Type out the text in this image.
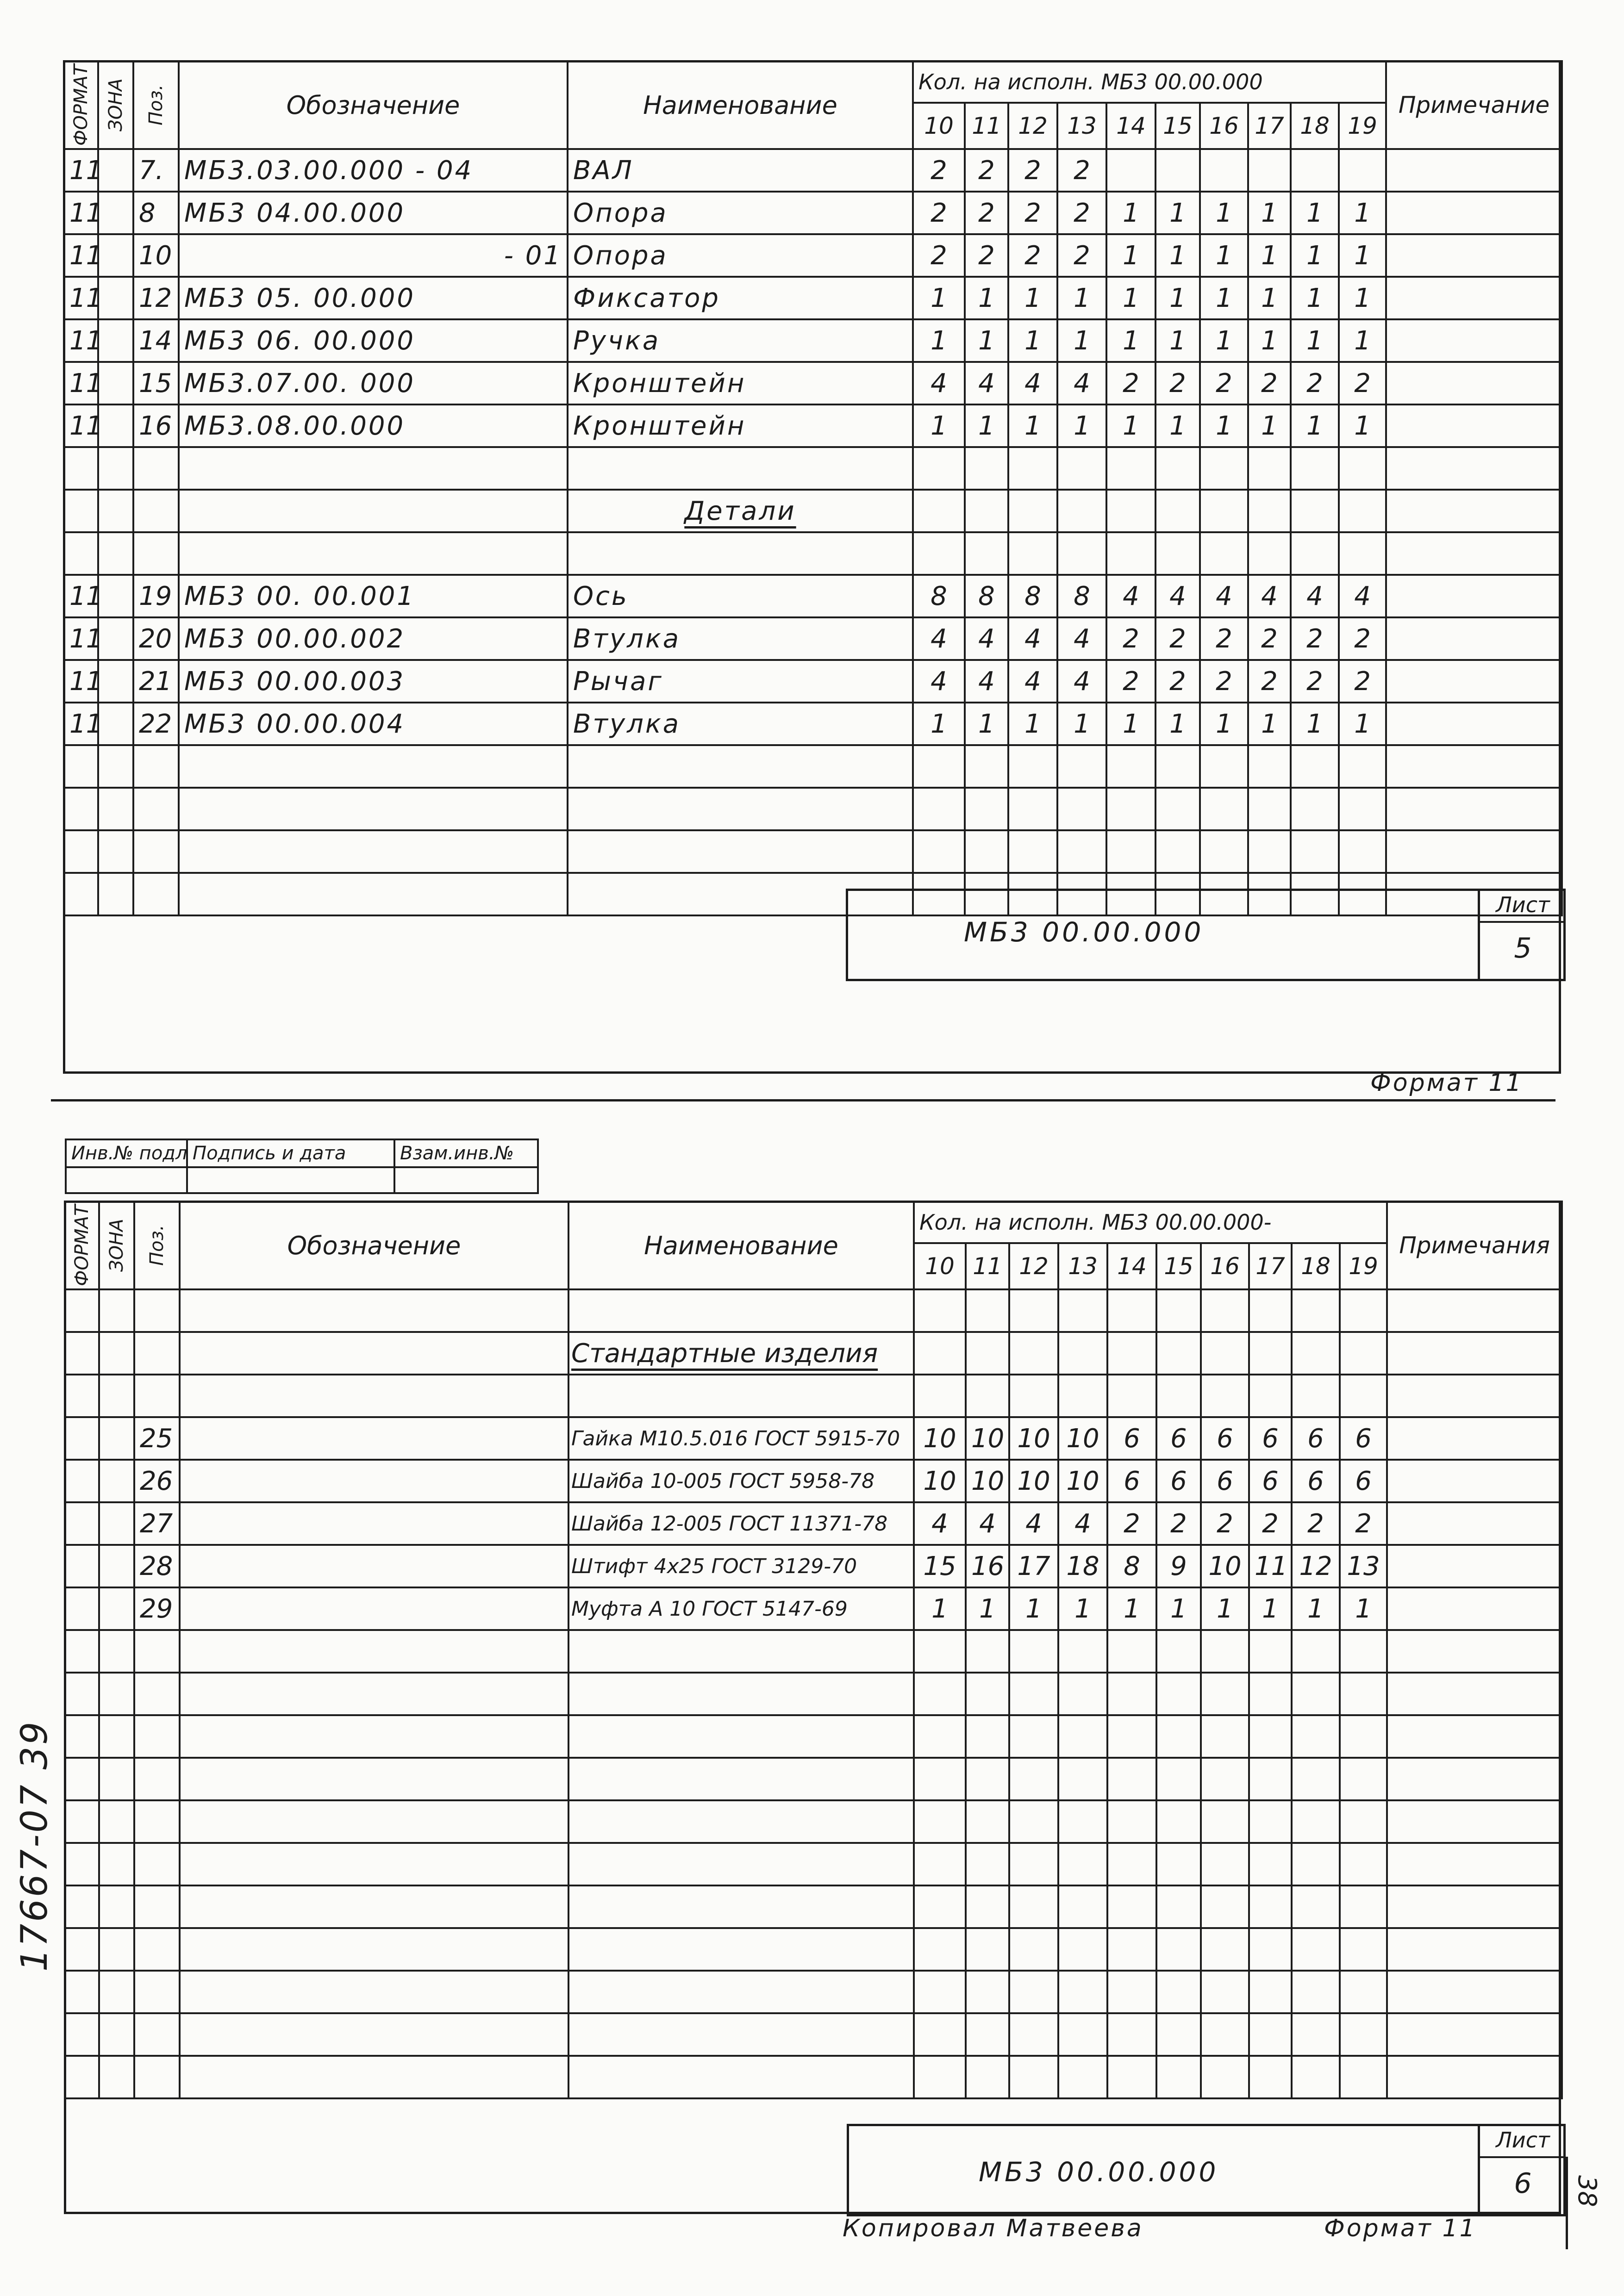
ФОРМАТ	ЗОНА	Поз.	Обозначение	Наименование	Кол. на исполн. МБ3 00.00.000										Примечание
					10	11	12	13	14	15	16	17	18	19	
11		7.	МБ3.03.00.000 - 04	ВАЛ	2	2	2	2							
11		8	МБ3 04.00.000	Опора	2	2	2	2	1	1	1	1	1	1	
11		10	- 01	Опора	2	2	2	2	1	1	1	1	1	1	
11		12	МБ3 05. 00.000	Фиксатор	1	1	1	1	1	1	1	1	1	1	
11		14	МБ3 06. 00.000	Ручка	1	1	1	1	1	1	1	1	1	1	
11		15	МБ3.07.00. 000	Кронштейн	4	4	4	4	2	2	2	2	2	2	
11		16	МБ3.08.00.000	Кронштейн	1	1	1	1	1	1	1	1	1	1	

				Детали											

11		19	МБ3 00. 00.001	Ось	8	8	8	8	4	4	4	4	4	4	
11		20	МБ3 00.00.002	Втулка	4	4	4	4	2	2	2	2	2	2	
11		21	МБ3 00.00.003	Рычаг	4	4	4	4	2	2	2	2	2	2	
11		22	МБ3 00.00.004	Втулка	1	1	1	1	1	1	1	1	1	1	

МБ3 00.00.000
Лист
5
Формат 11
Инв.№ подл	Подпись и дата	Взам.инв.№

ФОРМАТ	ЗОНА	Поз.	Обозначение	Наименование	Кол. на исполн. МБ3 00.00.000-										Примечания
					10	11	12	13	14	15	16	17	18	19	

				Стандартные изделия											

		25		Гайка М10.5.016 ГОСТ 5915-70	10	10	10	10	6	6	6	6	6	6	
		26		Шайба 10-005 ГОСТ 5958-78	10	10	10	10	6	6	6	6	6	6	
		27		Шайба 12-005 ГОСТ 11371-78	4	4	4	4	2	2	2	2	2	2	
		28		Штифт 4х25 ГОСТ 3129-70	15	16	17	18	8	9	10	11	12	13	
		29		Муфта А 10 ГОСТ 5147-69	1	1	1	1	1	1	1	1	1	1	

МБ3 00.00.000
Лист
6
Копировал Матвеева	Формат 11
38
17667-07 39
